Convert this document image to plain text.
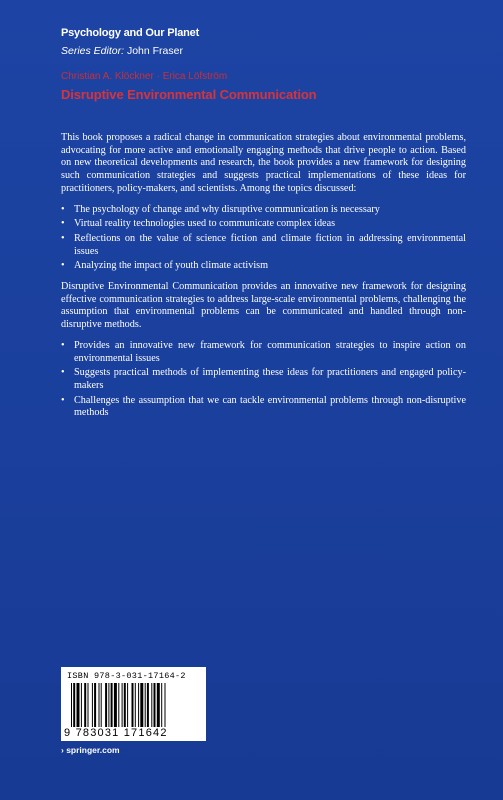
Psychology and Our Planet
Series Editor: John Fraser
Christian A. Klöckner · Erica Löfström
Disruptive Environmental Communication

This book proposes a radical change in communication strategies about environmental problems, advocating for more active and emotionally engaging methods that drive people to action. Based on new theoretical developments and research, the book provides a new framework for designing such communication strategies and suggests practical implementations of these ideas for practitioners, policy-makers, and scientists. Among the topics discussed:

• The psychology of change and why disruptive communication is necessary
• Virtual reality technologies used to communicate complex ideas
• Reflections on the value of science fiction and climate fiction in addressing environmental issues
• Analyzing the impact of youth climate activism

Disruptive Environmental Communication provides an innovative new framework for designing effective communication strategies to address large-scale environmental problems, challenging the assumption that environmental problems can be communicated and handled through non-disruptive methods.

• Provides an innovative new framework for communication strategies to inspire action on environmental issues
• Suggests practical methods of implementing these ideas for practitioners and engaged policy-makers
• Challenges the assumption that we can tackle environmental problems through non-disruptive methods
ISBN 978-3-031-17164-2
9 783031 171642
› springer.com
